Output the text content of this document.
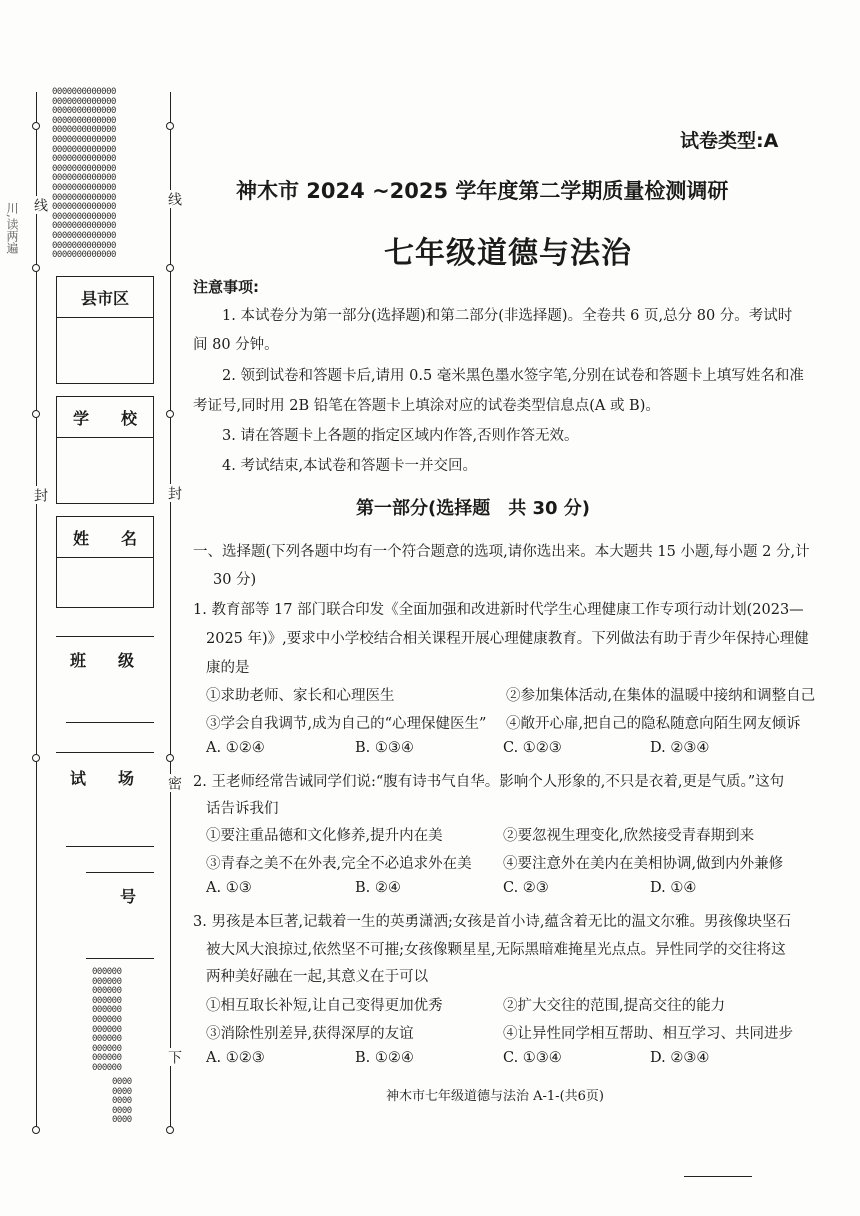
0000000000000
0000000000000
0000000000000
0000000000000
0000000000000
0000000000000
0000000000000
0000000000000
0000000000000
0000000000000
0000000000000
0000000000000
0000000000000
0000000000000
0000000000000
0000000000000
0000000000000
0000000000000
000000
000000
000000
000000
000000
000000
000000
000000
000000
000000
000000
0000
0000
0000
0000
0000
线
封
川,读两遍
线
封
密
下
县市区
学　　校
姓　　名
班　　级
试　　场
号
试卷类型:A
神木市 2024 ~2025 学年度第二学期质量检测调研
七年级道德与法治
注意事项:
1. 本试卷分为第一部分(选择题)和第二部分(非选择题)。全卷共 6 页,总分 80 分。考试时
间 80 分钟。
2. 领到试卷和答题卡后,请用 0.5 毫米黑色墨水签字笔,分别在试卷和答题卡上填写姓名和准
考证号,同时用 2B 铅笔在答题卡上填涂对应的试卷类型信息点(A 或 B)。
3. 请在答题卡上各题的指定区域内作答,否则作答无效。
4. 考试结束,本试卷和答题卡一并交回。
第一部分(选择题　共 30 分)
一、选择题(下列各题中均有一个符合题意的选项,请你选出来。本大题共 15 小题,每小题 2 分,计
30 分)
1. 教育部等 17 部门联合印发《全面加强和改进新时代学生心理健康工作专项行动计划(2023—
2025 年)》,要求中小学校结合相关课程开展心理健康教育。下列做法有助于青少年保持心理健
康的是
①求助老师、家长和心理医生	②参加集体活动,在集体的温暖中接纳和调整自己
③学会自我调节,成为自己的“心理保健医生” ④敞开心扉,把自己的隐私随意向陌生网友倾诉
A. ①②④	B. ①③④	C. ①②③	D. ②③④
2. 王老师经常告诫同学们说:“腹有诗书气自华。影响个人形象的,不只是衣着,更是气质。”这句
话告诉我们
①要注重品德和文化修养,提升内在美	②要忽视生理变化,欣然接受青春期到来
③青春之美不在外表,完全不必追求外在美 ④要注意外在美内在美相协调,做到内外兼修
A. ①③	B. ②④	C. ②③	D. ①④
3. 男孩是本巨著,记载着一生的英勇潇洒;女孩是首小诗,蕴含着无比的温文尔雅。男孩像块坚石
被大风大浪掠过,依然坚不可摧;女孩像颗星星,无际黑暗难掩星光点点。异性同学的交往将这
两种美好融在一起,其意义在于可以
①相互取长补短,让自己变得更加优秀	②扩大交往的范围,提高交往的能力
③消除性别差异,获得深厚的友谊	④让异性同学相互帮助、相互学习、共同进步
A. ①②③	B. ①②④	C. ①③④	D. ②③④
神木市七年级道德与法治 A-1-(共6页)
